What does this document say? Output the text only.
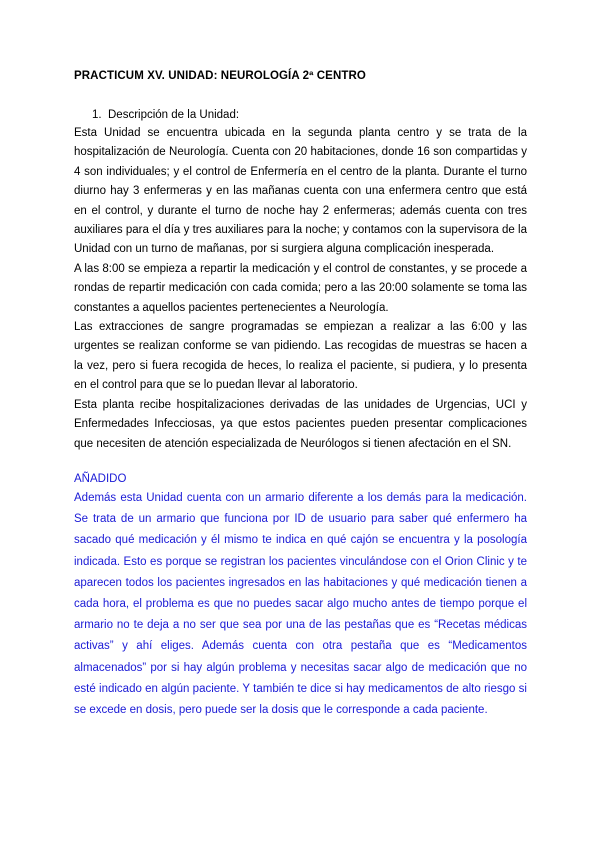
PRACTICUM XV. UNIDAD: NEUROLOGÍA 2ª CENTRO
1. Descripción de la Unidad:

Esta Unidad se encuentra ubicada en la segunda planta centro y se trata de la hospitalización de Neurología. Cuenta con 20 habitaciones, donde 16 son compartidas y 4 son individuales; y el control de Enfermería en el centro de la planta. Durante el turno diurno hay 3 enfermeras y en las mañanas cuenta con una enfermera centro que está en el control, y durante el turno de noche hay 2 enfermeras; además cuenta con tres auxiliares para el día y tres auxiliares para la noche; y contamos con la supervisora de la Unidad con un turno de mañanas, por si surgiera alguna complicación inesperada.

A las 8:00 se empieza a repartir la medicación y el control de constantes, y se procede a rondas de repartir medicación con cada comida; pero a las 20:00 solamente se toma las constantes a aquellos pacientes pertenecientes a Neurología.

Las extracciones de sangre programadas se empiezan a realizar a las 6:00 y las urgentes se realizan conforme se van pidiendo. Las recogidas de muestras se hacen a la vez, pero si fuera recogida de heces, lo realiza el paciente, si pudiera, y lo presenta en el control para que se lo puedan llevar al laboratorio.

Esta planta recibe hospitalizaciones derivadas de las unidades de Urgencias, UCI y Enfermedades Infecciosas, ya que estos pacientes pueden presentar complicaciones que necesiten de atención especializada de Neurólogos si tienen afectación en el SN.

AÑADIDO

Además esta Unidad cuenta con un armario diferente a los demás para la medicación. Se trata de un armario que funciona por ID de usuario para saber qué enfermero ha sacado qué medicación y él mismo te indica en qué cajón se encuentra y la posología indicada. Esto es porque se registran los pacientes vinculándose con el Orion Clinic y te aparecen todos los pacientes ingresados en las habitaciones y qué medicación tienen a cada hora, el problema es que no puedes sacar algo mucho antes de tiempo porque el armario no te deja a no ser que sea por una de las pestañas que es “Recetas médicas activas” y ahí eliges. Además cuenta con otra pestaña que es “Medicamentos almacenados” por si hay algún problema y necesitas sacar algo de medicación que no esté indicado en algún paciente. Y también te dice si hay medicamentos de alto riesgo si se excede en dosis, pero puede ser la dosis que le corresponde a cada paciente.
